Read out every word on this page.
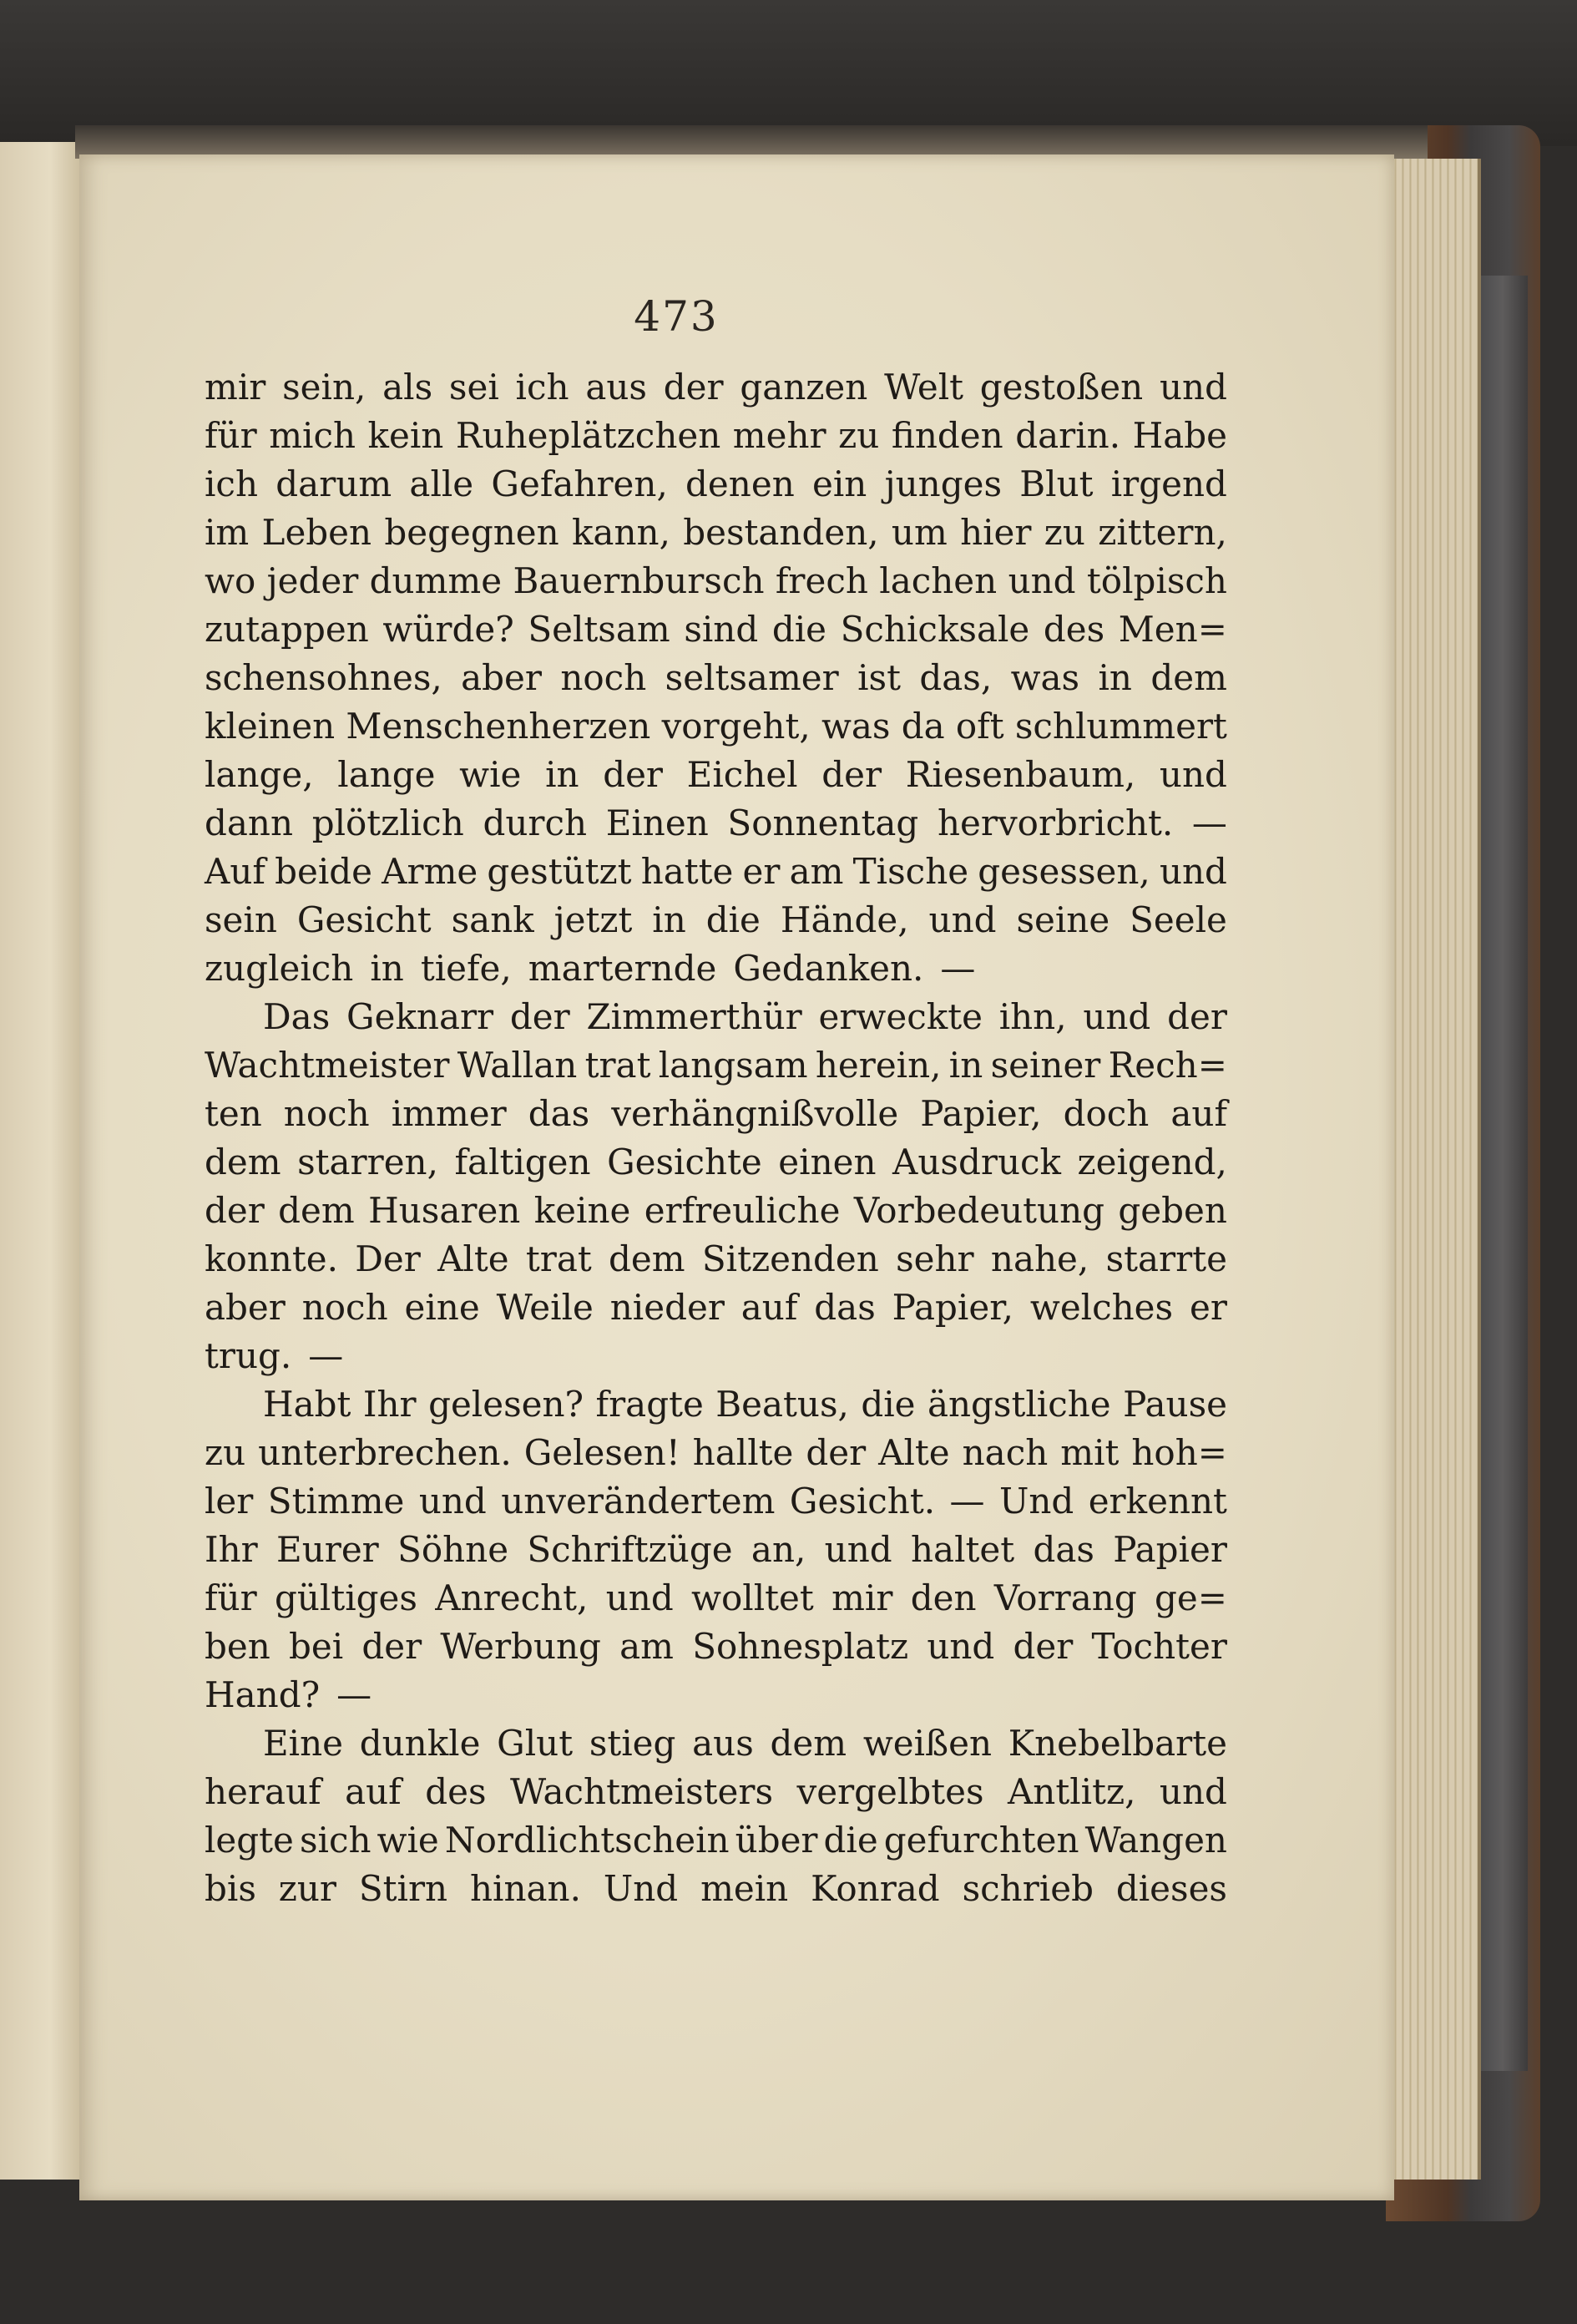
473
mir sein, als sei ich aus der ganzen Welt gestoßen und
für mich kein Ruheplätzchen mehr zu finden darin. Habe
ich darum alle Gefahren, denen ein junges Blut irgend
im Leben begegnen kann, bestanden, um hier zu zittern,
wo jeder dumme Bauernbursch frech lachen und tölpisch
zutappen würde? Seltsam sind die Schicksale des Men=
schensohnes, aber noch seltsamer ist das, was in dem
kleinen Menschenherzen vorgeht, was da oft schlummert
lange, lange wie in der Eichel der Riesenbaum, und
dann plötzlich durch Einen Sonnentag hervorbricht. —
Auf beide Arme gestützt hatte er am Tische gesessen, und
sein Gesicht sank jetzt in die Hände, und seine Seele
zugleich in tiefe, marternde Gedanken. —
Das Geknarr der Zimmerthür erweckte ihn, und der
Wachtmeister Wallan trat langsam herein, in seiner Rech=
ten noch immer das verhängnißvolle Papier, doch auf
dem starren, faltigen Gesichte einen Ausdruck zeigend,
der dem Husaren keine erfreuliche Vorbedeutung geben
konnte. Der Alte trat dem Sitzenden sehr nahe, starrte
aber noch eine Weile nieder auf das Papier, welches er
trug. —
Habt Ihr gelesen? fragte Beatus, die ängstliche Pause
zu unterbrechen. Gelesen! hallte der Alte nach mit hoh=
ler Stimme und unverändertem Gesicht. — Und erkennt
Ihr Eurer Söhne Schriftzüge an, und haltet das Papier
für gültiges Anrecht, und wolltet mir den Vorrang ge=
ben bei der Werbung am Sohnesplatz und der Tochter
Hand? —
Eine dunkle Glut stieg aus dem weißen Knebelbarte
herauf auf des Wachtmeisters vergelbtes Antlitz, und
legte sich wie Nordlichtschein über die gefurchten Wangen
bis zur Stirn hinan. Und mein Konrad schrieb dieses
